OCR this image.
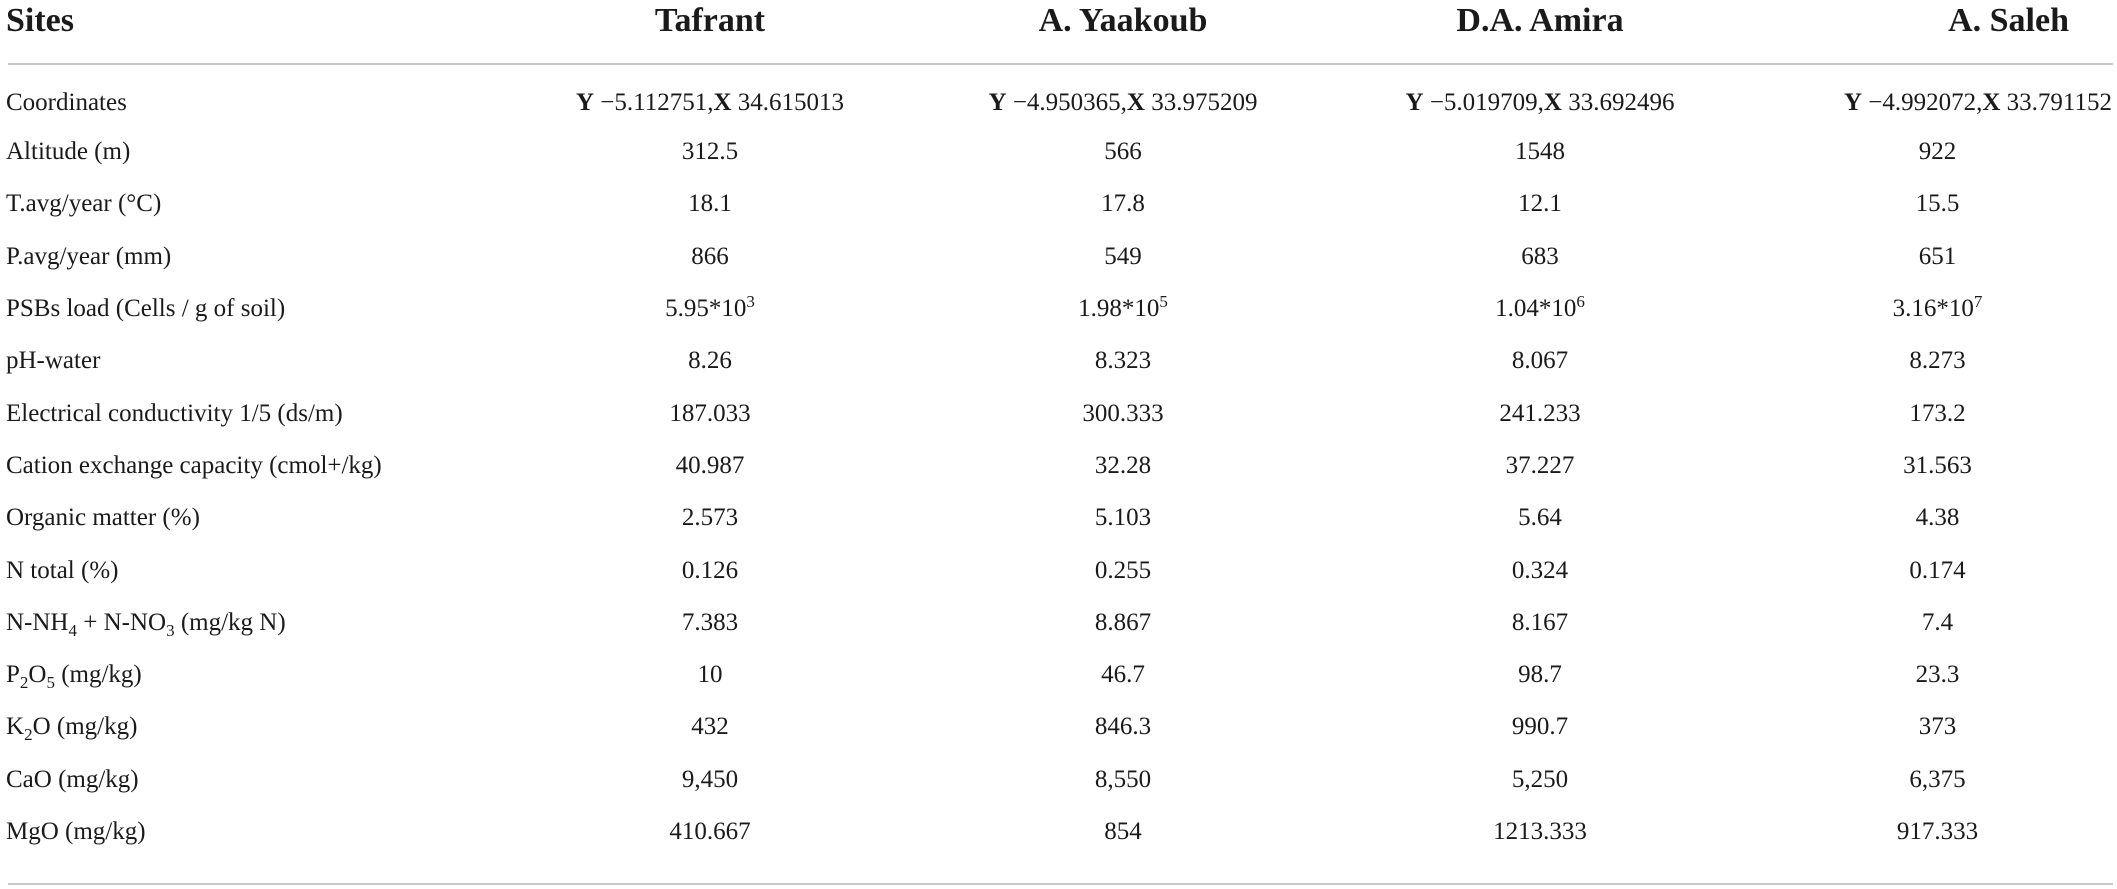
Sites	Tafrant	A. Yaakoub	D.A. Amira	A. Saleh
Coordinates	Y −5.112751,X 34.615013	Y −4.950365,X 33.975209	Y −5.019709,X 33.692496	Y −4.992072,X 33.791152
Altitude (m)	312.5	566	1548	922
T.avg/year (°C)	18.1	17.8	12.1	15.5
P.avg/year (mm)	866	549	683	651
PSBs load (Cells / g of soil)	$5.95*10^3$	$1.98*10^5$	$1.04*10^6$	$3.16*10^7$
pH-water	8.26	8.323	8.067	8.273
Electrical conductivity 1/5 (ds/m)	187.033	300.333	241.233	173.2
Cation exchange capacity (cmol+/kg)	40.987	32.28	37.227	31.563
Organic matter (%)	2.573	5.103	5.64	4.38
N total (%)	0.126	0.255	0.324	0.174
$N-NH_4 + N-NO_3$ (mg/kg N)	7.383	8.867	8.167	7.4
$P_2O_5$ (mg/kg)	10	46.7	98.7	23.3
$K_2O$ (mg/kg)	432	846.3	990.7	373
CaO (mg/kg)	9,450	8,550	5,250	6,375
MgO (mg/kg)	410.667	854	1213.333	917.333
